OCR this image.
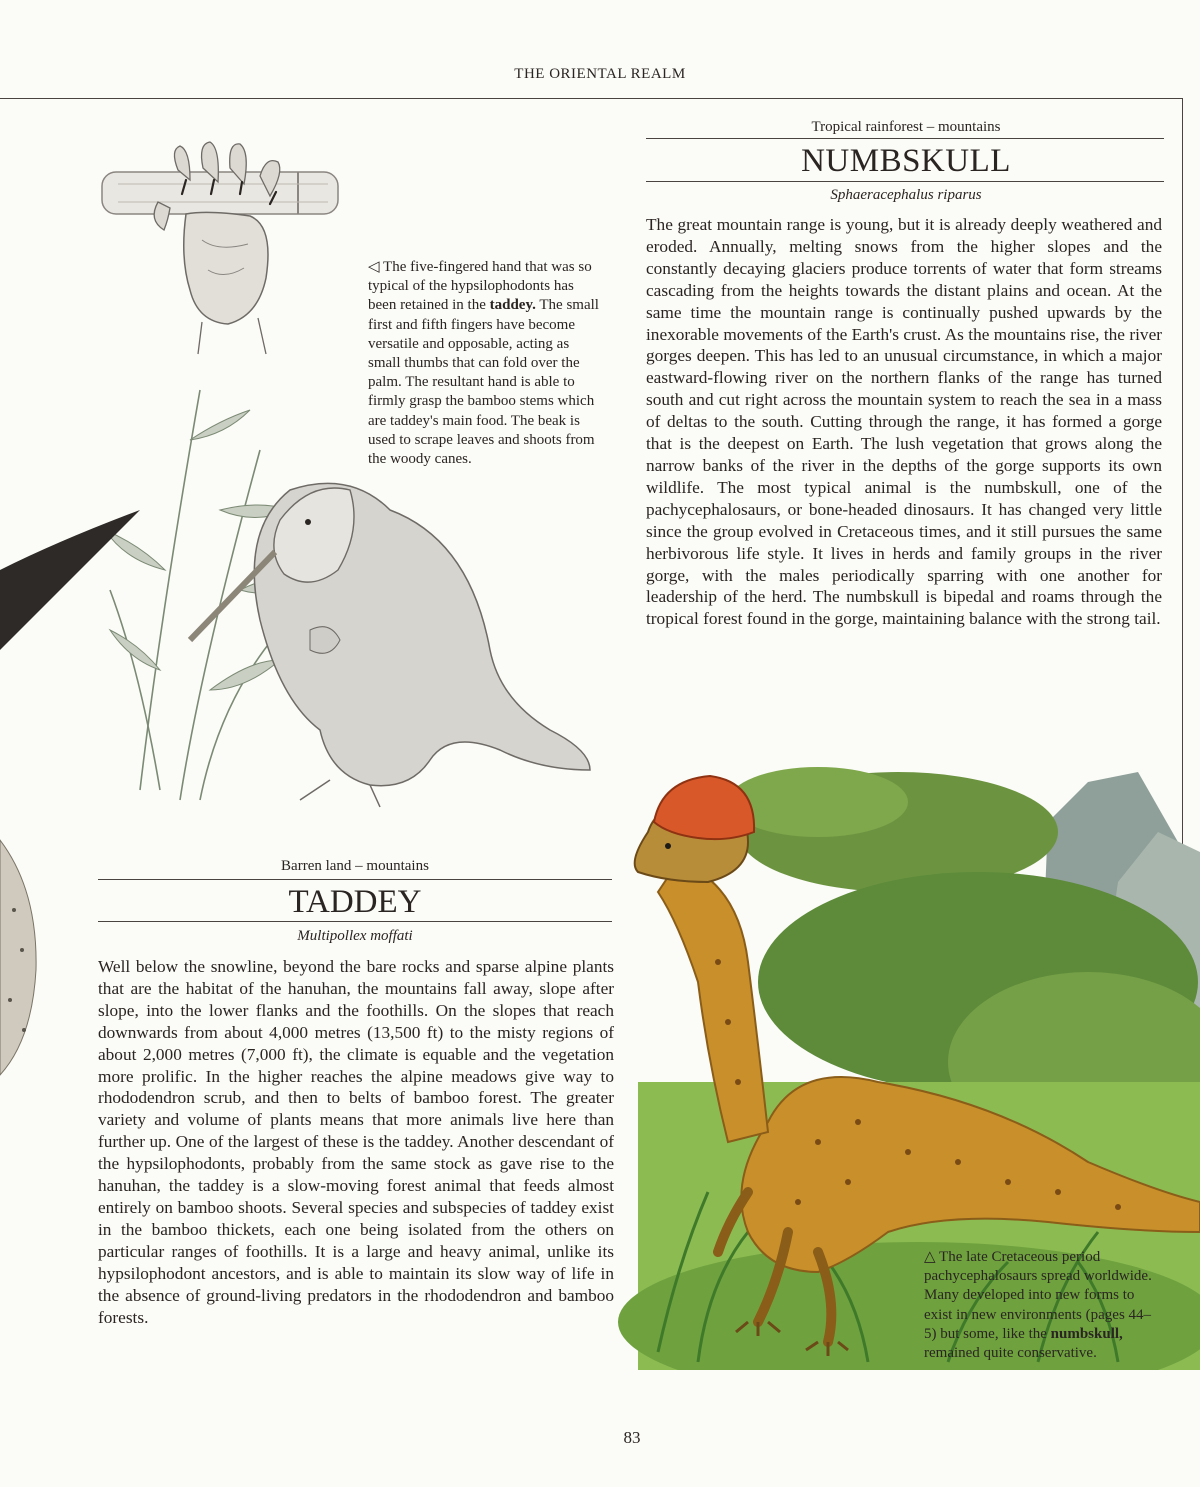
THE ORIENTAL REALM
Tropical rainforest – mountains
NUMBSKULL
Sphaeracephalus riparus
The great mountain range is young, but it is already deeply weathered and eroded. Annually, melting snows from the higher slopes and the constantly decaying glaciers produce torrents of water that form streams cascading from the heights towards the distant plains and ocean. At the same time the mountain range is continually pushed upwards by the inexorable movements of the Earth's crust. As the mountains rise, the river gorges deepen. This has led to an unusual circumstance, in which a major eastward-flowing river on the northern flanks of the range has turned south and cut right across the mountain system to reach the sea in a mass of deltas to the south. Cutting through the range, it has formed a gorge that is the deepest on Earth. The lush vegetation that grows along the narrow banks of the river in the depths of the gorge supports its own wildlife. The most typical animal is the numbskull, one of the pachycephalosaurs, or bone-headed dinosaurs. It has changed very little since the group evolved in Cretaceous times, and it still pursues the same herbivorous life style. It lives in herds and family groups in the river gorge, with the males periodically sparring with one another for leadership of the herd. The numbskull is bipedal and roams through the tropical forest found in the gorge, maintaining balance with the strong tail.
◁ The five-fingered hand that was so typical of the hypsilophodonts has been retained in the taddey. The small first and fifth fingers have become versatile and opposable, acting as small thumbs that can fold over the palm. The resultant hand is able to firmly grasp the bamboo stems which are taddey's main food. The beak is used to scrape leaves and shoots from the woody canes.
Barren land – mountains
TADDEY
Multipollex moffati
Well below the snowline, beyond the bare rocks and sparse alpine plants that are the habitat of the hanuhan, the mountains fall away, slope after slope, into the lower flanks and the foothills. On the slopes that reach downwards from about 4,000 metres (13,500 ft) to the misty regions of about 2,000 metres (7,000 ft), the climate is equable and the vegetation more prolific. In the higher reaches the alpine meadows give way to rhododendron scrub, and then to belts of bamboo forest. The greater variety and volume of plants means that more animals live here than further up. One of the largest of these is the taddey. Another descendant of the hypsilophodonts, probably from the same stock as gave rise to the hanuhan, the taddey is a slow-moving forest animal that feeds almost entirely on bamboo shoots. Several species and subspecies of taddey exist in the bamboo thickets, each one being isolated from the others on particular ranges of foothills. It is a large and heavy animal, unlike its hypsilophodont ancestors, and is able to maintain its slow way of life in the absence of ground-living predators in the rhododendron and bamboo forests.
△ The late Cretaceous period pachycephalosaurs spread worldwide. Many developed into new forms to exist in new environments (pages 44–5) but some, like the numbskull, remained quite conservative.
83
